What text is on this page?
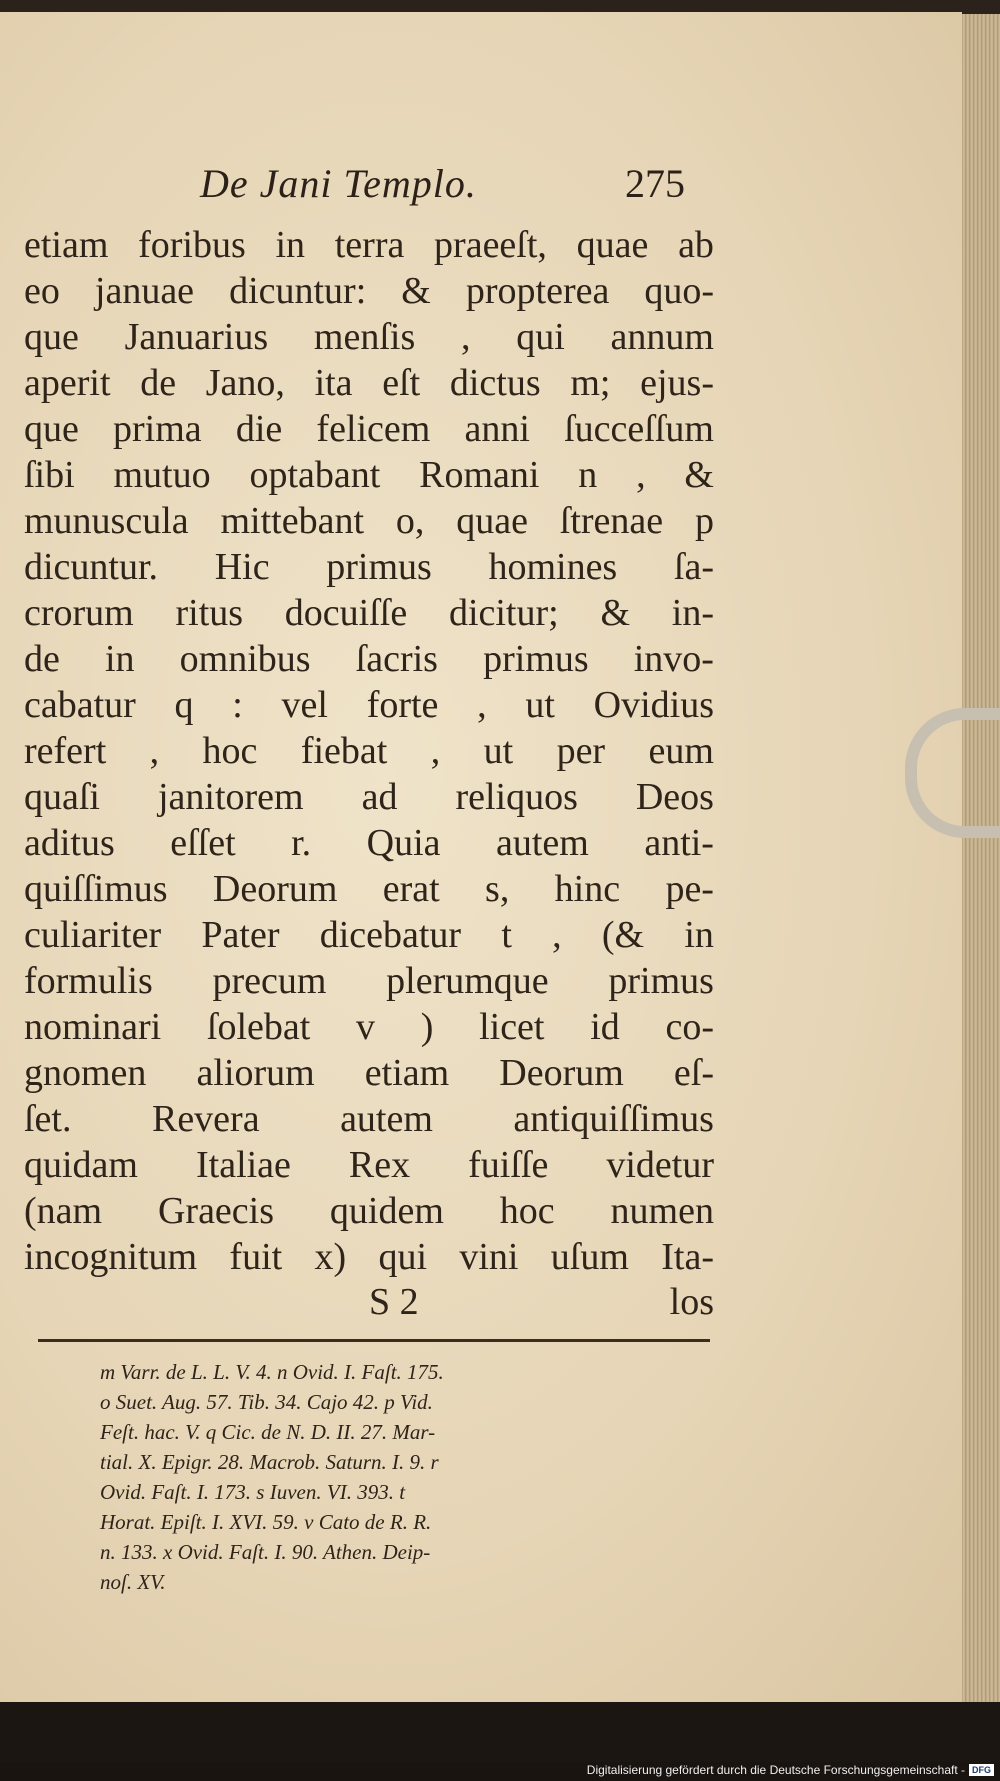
De Jani Templo.	275
etiam foribus in terra praeeſt, quae ab
eo januae dicuntur: & propterea quo-
que Januarius menſis , qui annum
aperit de Jano, ita eſt dictus m; ejus-
que prima die felicem anni ſucceſſum
ſibi mutuo optabant Romani n , &
munuscula mittebant o, quae ſtrenae p
dicuntur. Hic primus homines ſa-
crorum ritus docuiſſe dicitur; & in-
de in omnibus ſacris primus invo-
cabatur q : vel forte , ut Ovidius
refert , hoc fiebat , ut per eum
quaſi janitorem ad reliquos Deos
aditus eſſet r. Quia autem anti-
quiſſimus Deorum erat s, hinc pe-
culiariter Pater dicebatur t , (& in
formulis precum plerumque primus
nominari ſolebat v ) licet id co-
gnomen aliorum etiam Deorum eſ-
ſet. Revera autem antiquiſſimus
quidam Italiae Rex fuiſſe videtur
(nam Graecis quidem hoc numen
incognitum fuit x) qui vini uſum Ita-
S 2	los
m Varr. de L. L. V. 4. n Ovid. I. Faſt. 175.
o Suet. Aug. 57. Tib. 34. Cajo 42. p Vid.
Feſt. hac. V. q Cic. de N. D. II. 27. Mar-
tial. X. Epigr. 28. Macrob. Saturn. I. 9. r
Ovid. Faſt. I. 173. s Iuven. VI. 393. t
Horat. Epiſt. I. XVI. 59. v Cato de R. R.
n. 133. x Ovid. Faſt. I. 90. Athen. Deip-
noſ. XV.
Digitalisierung gefördert durch die Deutsche Forschungsgemeinschaft - DFG
